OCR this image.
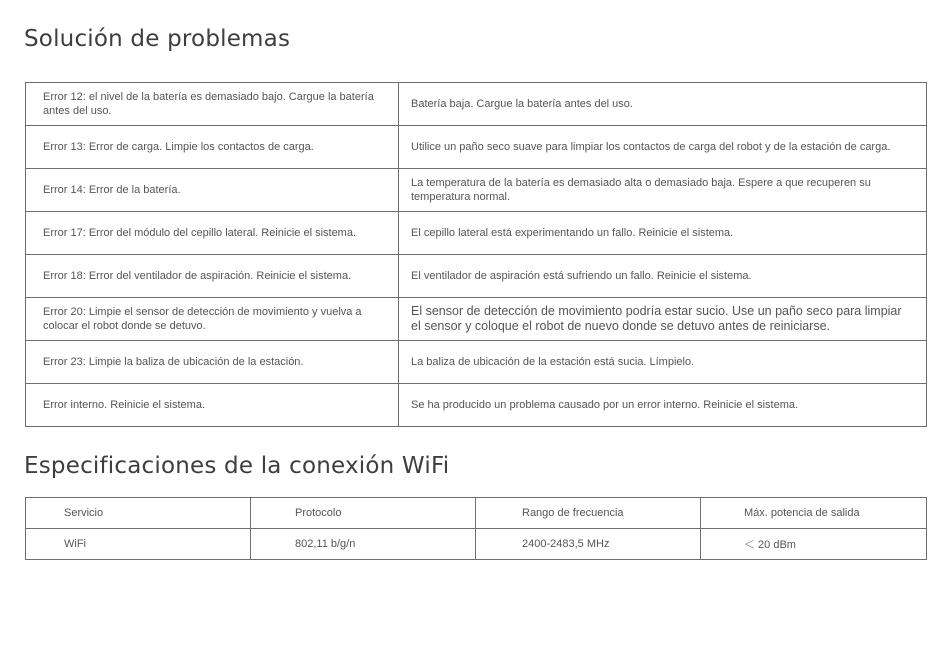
Solución de problemas
Error 12: el nivel de la batería es demasiado bajo. Cargue la batería antes del uso.	Batería baja. Cargue la batería antes del uso.
Error 13: Error de carga. Limpie los contactos de carga.	Utilice un paño seco suave para limpiar los contactos de carga del robot y de la estación de carga.
Error 14: Error de la batería.	La temperatura de la batería es demasiado alta o demasiado baja. Espere a que recuperen su temperatura normal.
Error 17: Error del módulo del cepillo lateral. Reinicie el sistema.	El cepillo lateral está experimentando un fallo. Reinicie el sistema.
Error 18: Error del ventilador de aspiración. Reinicie el sistema.	El ventilador de aspiración está sufriendo un fallo. Reinicie el sistema.
Error 20: Limpie el sensor de detección de movimiento y vuelva a colocar el robot donde se detuvo.	El sensor de detección de movimiento podría estar sucio. Use un paño seco para limpiar el sensor y coloque el robot de nuevo donde se detuvo antes de reiniciarse.
Error 23: Limpie la baliza de ubicación de la estación.	La baliza de ubicación de la estación está sucia. Límpielo.
Error interno. Reinicie el sistema.	Se ha producido un problema causado por un error interno. Reinicie el sistema.
Especificaciones de la conexión WiFi
Servicio	Protocolo	Rango de frecuencia	Máx. potencia de salida
WiFi	802,11 b/g/n	2400-2483,5 MHz	＜ 20 dBm
